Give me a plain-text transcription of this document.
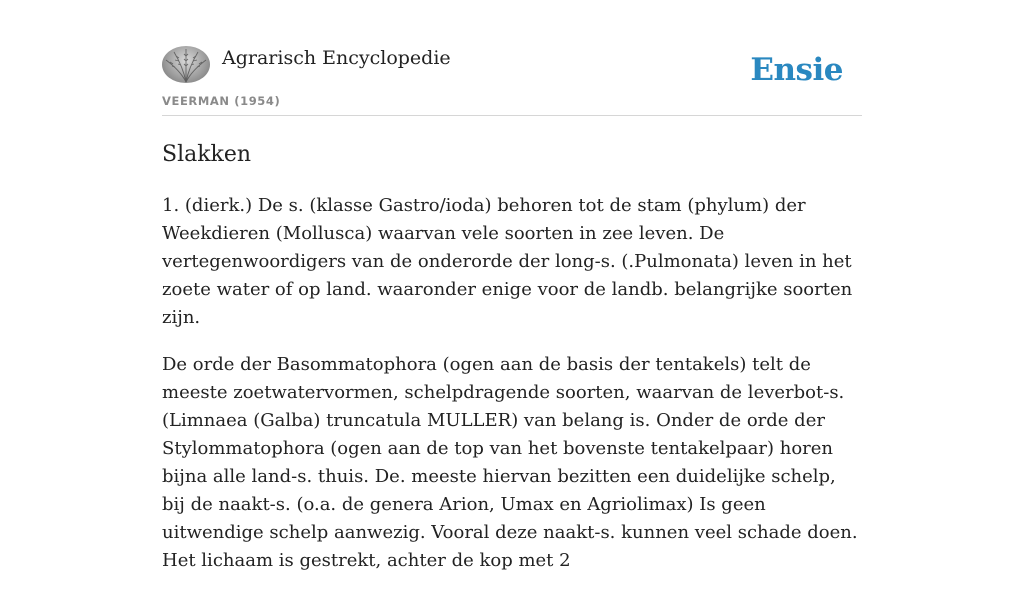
Agrarisch Encyclopedie
VEERMAN (1954)
Ensie
Slakken

1. (dierk.) De s. (klasse Gastro/ioda) behoren tot de stam (phylum) der Weekdieren (Mollusca) waarvan vele soorten in zee leven. De vertegenwoordigers van de onderorde der long-s. (.Pulmonata) leven in het zoete water of op land. waaronder enige voor de landb. belangrijke soorten zijn.

De orde der Basommatophora (ogen aan de basis der tentakels) telt de meeste zoetwatervormen, schelpdragende soorten, waarvan de leverbot-s. (Limnaea (Galba) truncatula MULLER) van belang is. Onder de orde der Stylommatophora (ogen aan de top van het bovenste tentakelpaar) horen bijna alle land-s. thuis. De. meeste hiervan bezitten een duidelijke schelp, bij de naakt-s. (o.a. de genera Arion, Umax en Agriolimax) Is geen uitwendige schelp aanwezig. Vooral deze naakt-s. kunnen veel schade doen. Het lichaam is gestrekt, achter de kop met 2
